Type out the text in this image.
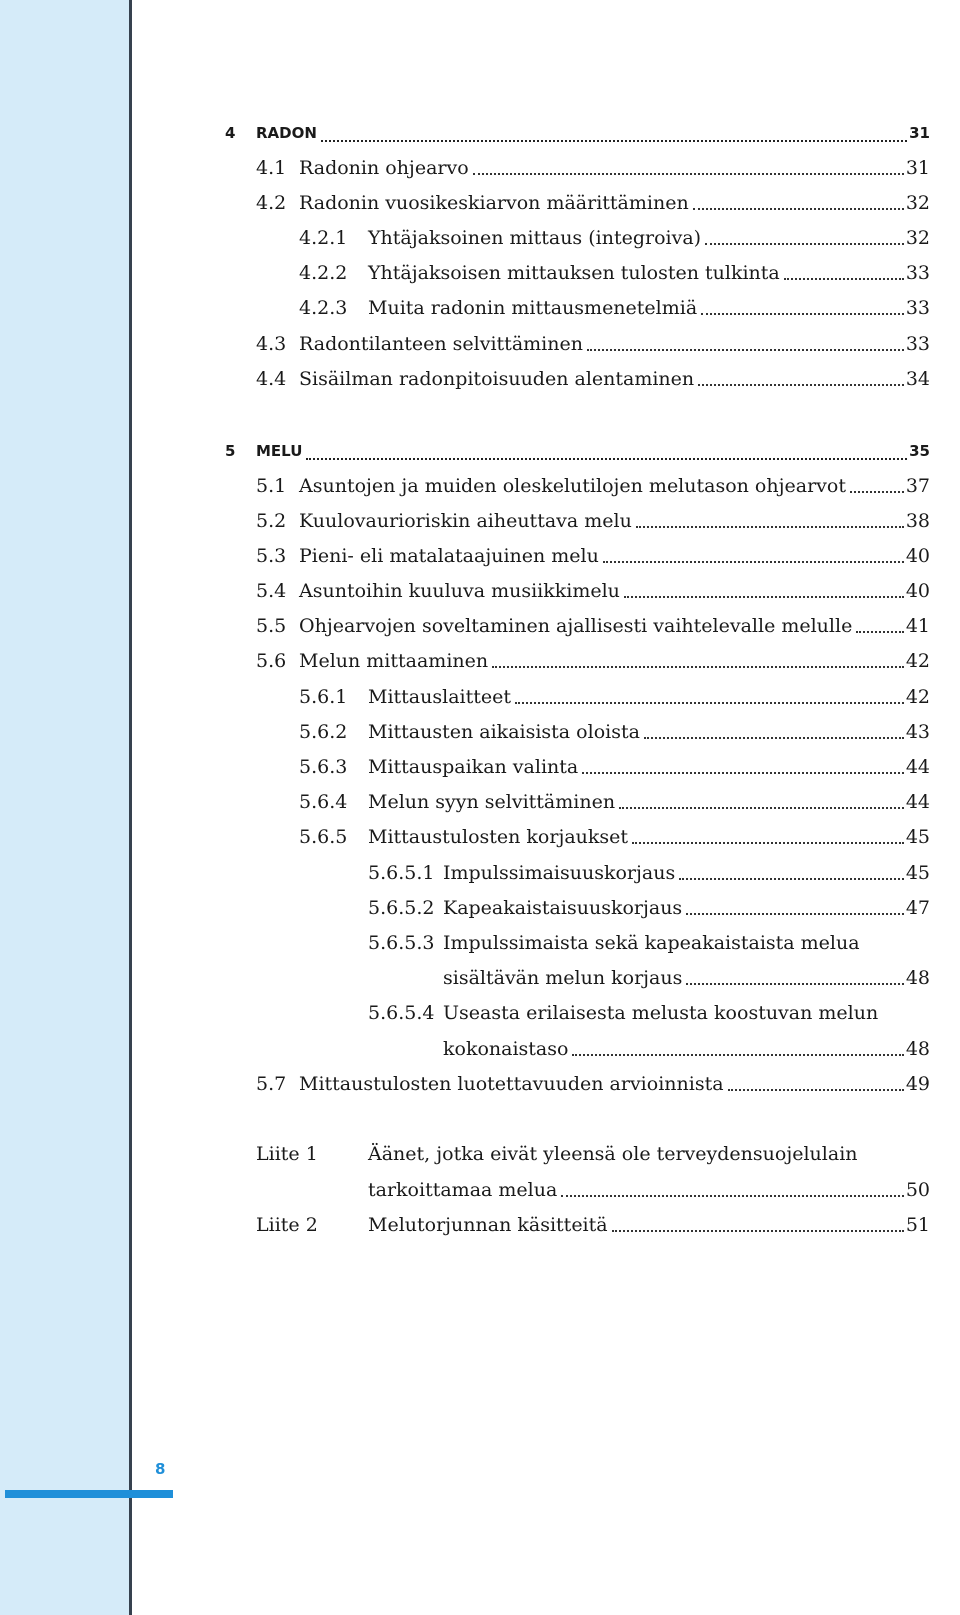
8
4 RADON	31
4.1 Radonin ohjearvo	31
4.2 Radonin vuosikeskiarvon määrittäminen	32
4.2.1 Yhtäjaksoinen mittaus (integroiva)	32
4.2.2 Yhtäjaksoisen mittauksen tulosten tulkinta	33
4.2.3 Muita radonin mittausmenetelmiä	33
4.3 Radontilanteen selvittäminen	33
4.4 Sisäilman radonpitoisuuden alentaminen	34
5 MELU	35
5.1 Asuntojen ja muiden oleskelutilojen melutason ohjearvot	37
5.2 Kuulovaurioriskin aiheuttava melu	38
5.3 Pieni- eli matalataajuinen melu	40
5.4 Asuntoihin kuuluva musiikkimelu	40
5.5 Ohjearvojen soveltaminen ajallisesti vaihtelevalle melulle	41
5.6 Melun mittaaminen	42
5.6.1 Mittauslaitteet	42
5.6.2 Mittausten aikaisista oloista	43
5.6.3 Mittauspaikan valinta	44
5.6.4 Melun syyn selvittäminen	44
5.6.5 Mittaustulosten korjaukset	45
5.6.5.1 Impulssimaisuuskorjaus	45
5.6.5.2 Kapeakaistaisuuskorjaus	47
5.6.5.3 Impulssimaista sekä kapeakaistaista melua
sisältävän melun korjaus	48
5.6.5.4 Useasta erilaisesta melusta koostuvan melun
kokonaistaso	48
5.7 Mittaustulosten luotettavuuden arvioinnista	49
Liite 1	Äänet, jotka eivät yleensä ole terveydensuojelulain
tarkoittamaa melua	50
Liite 2	Melutorjunnan käsitteitä	51
